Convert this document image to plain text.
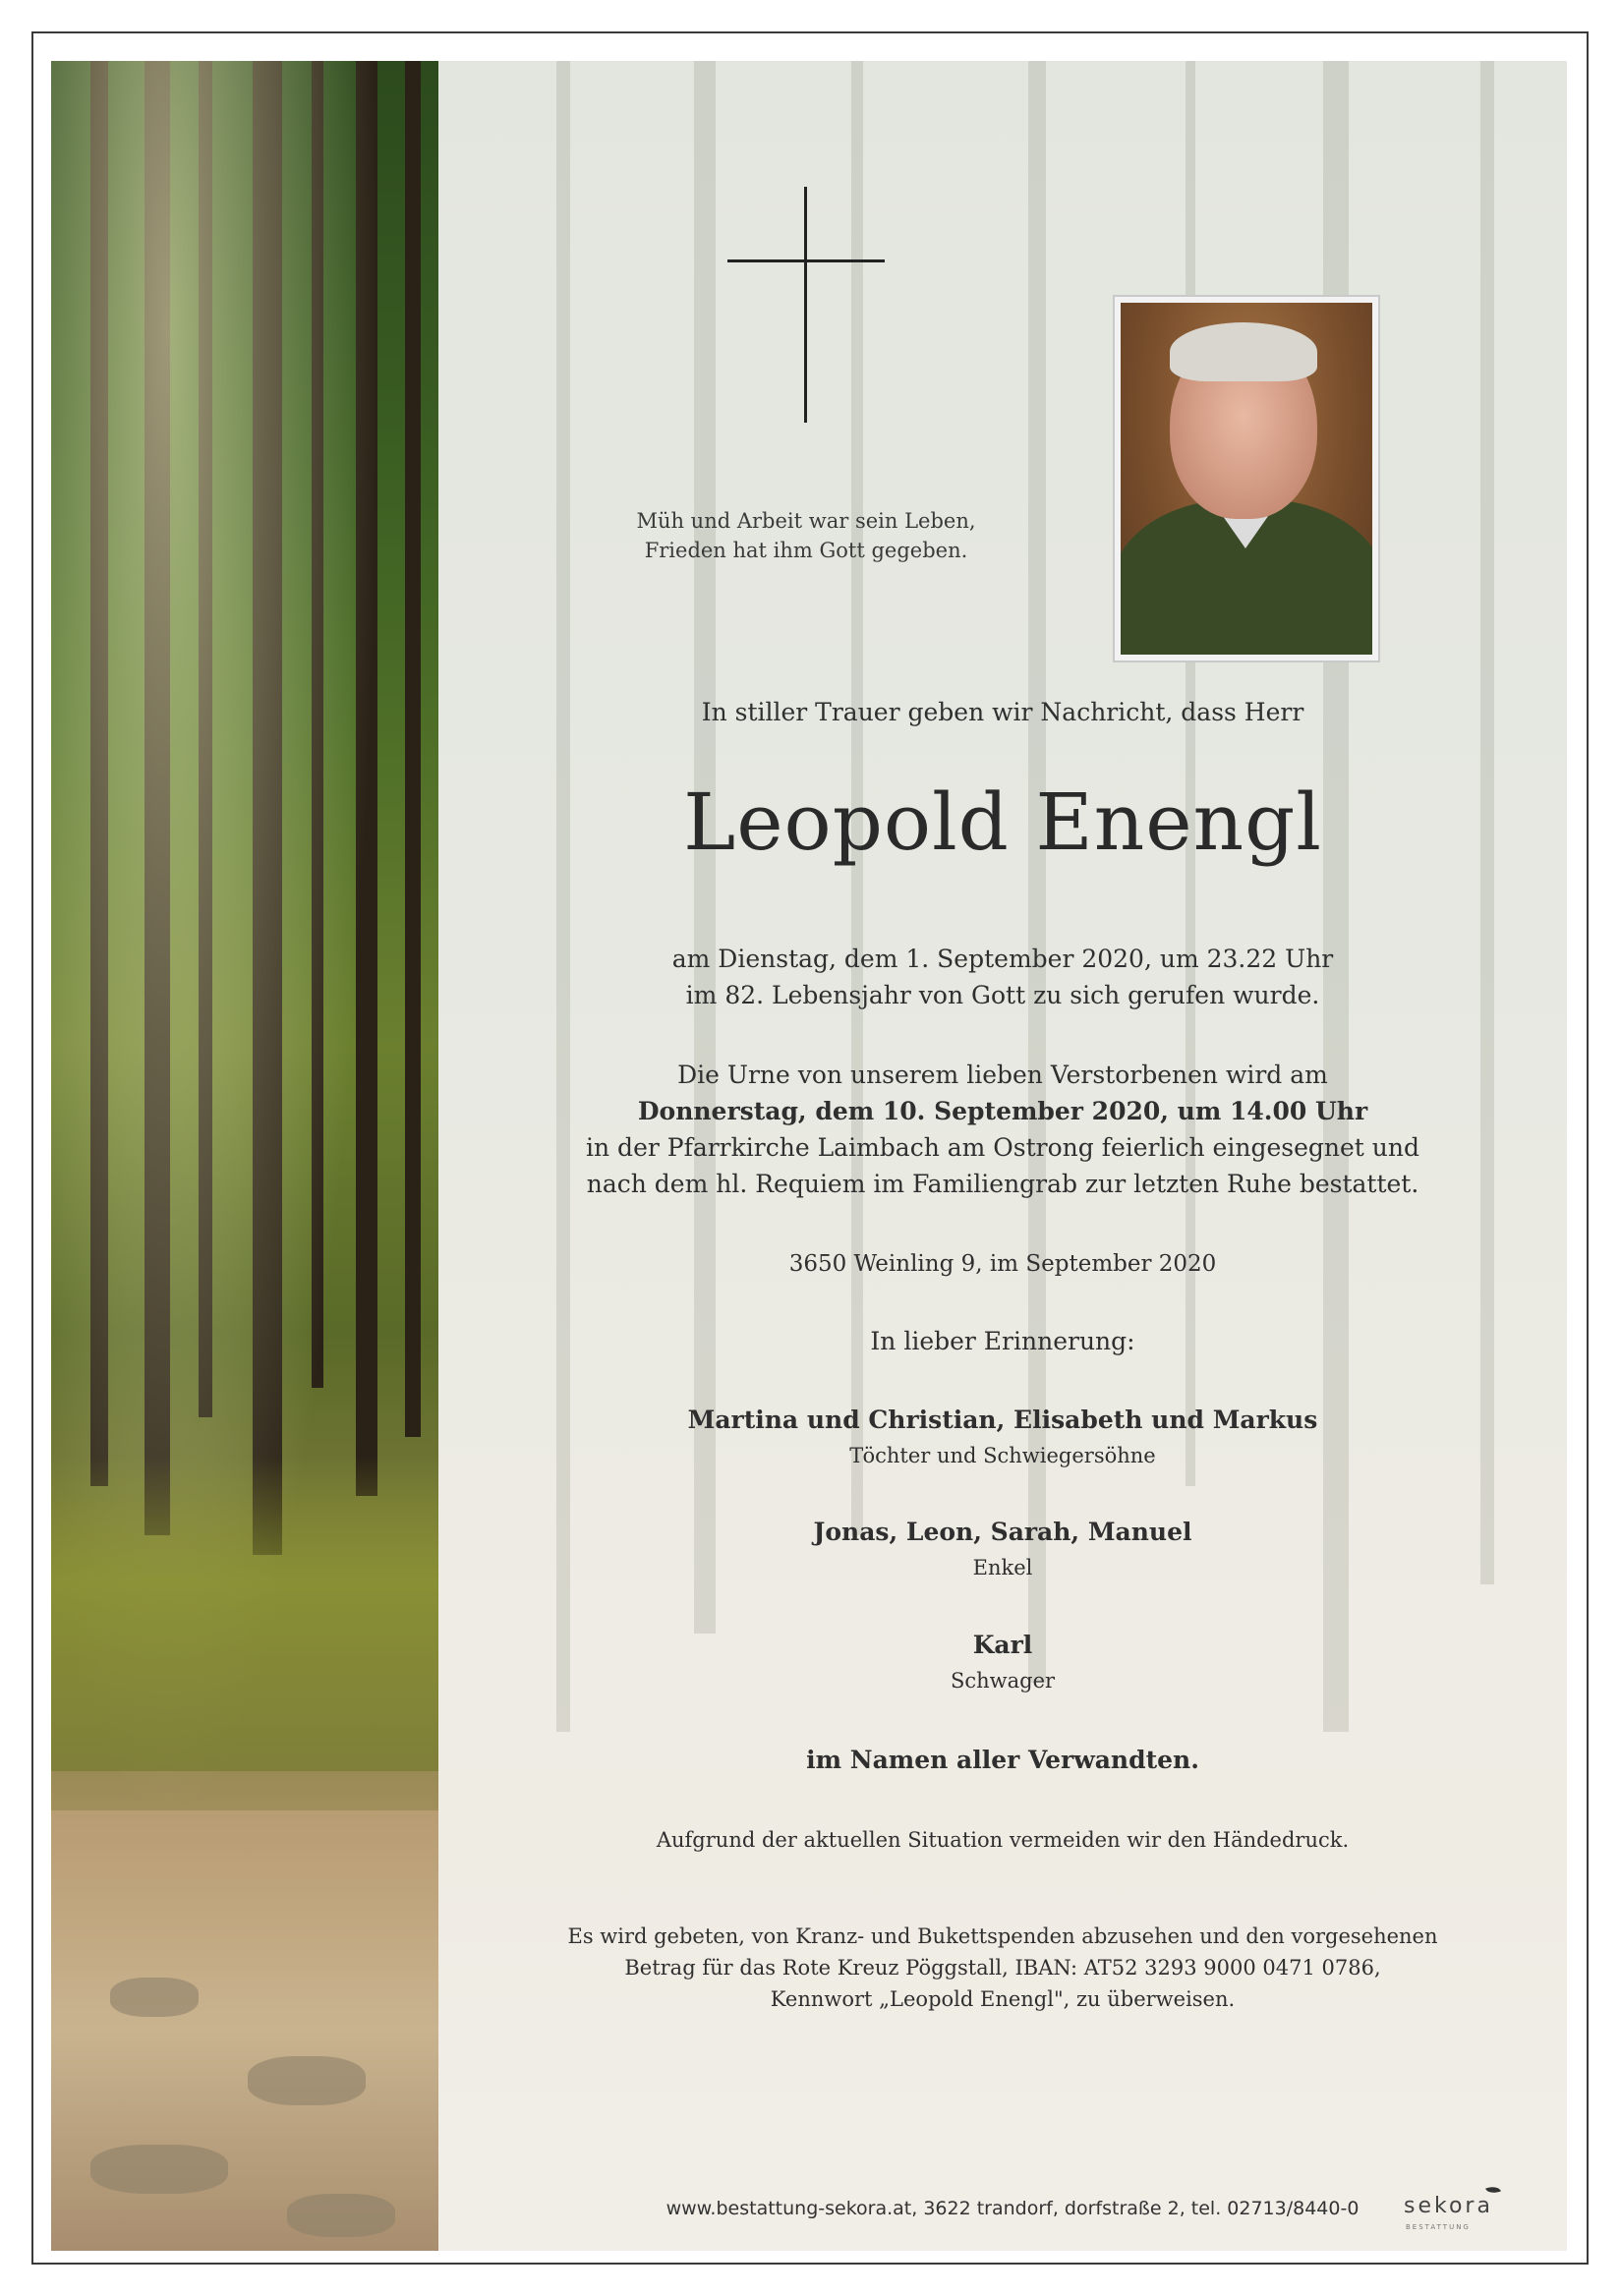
Müh und Arbeit war sein Leben,
Frieden hat ihm Gott gegeben.
In stiller Trauer geben wir Nachricht, dass Herr
Leopold Enengl
am Dienstag, dem 1. September 2020, um 23.22 Uhr
im 82. Lebensjahr von Gott zu sich gerufen wurde.
Die Urne von unserem lieben Verstorbenen wird am
Donnerstag, dem 10. September 2020, um 14.00 Uhr
in der Pfarrkirche Laimbach am Ostrong feierlich eingesegnet und
nach dem hl. Requiem im Familiengrab zur letzten Ruhe bestattet.
3650 Weinling 9, im September 2020
In lieber Erinnerung:
Martina und Christian, Elisabeth und Markus
Töchter und Schwiegersöhne
Jonas, Leon, Sarah, Manuel
Enkel
Karl
Schwager
im Namen aller Verwandten.
Aufgrund der aktuellen Situation vermeiden wir den Händedruck.
Es wird gebeten, von Kranz- und Bukettspenden abzusehen und den vorgesehenen
Betrag für das Rote Kreuz Pöggstall, IBAN: AT52 3293 9000 0471 0786,
Kennwort „Leopold Enengl", zu überweisen.
www.bestattung-sekora.at, 3622 trandorf, dorfstraße 2, tel. 02713/8440-0	sekora
BESTATTUNG
